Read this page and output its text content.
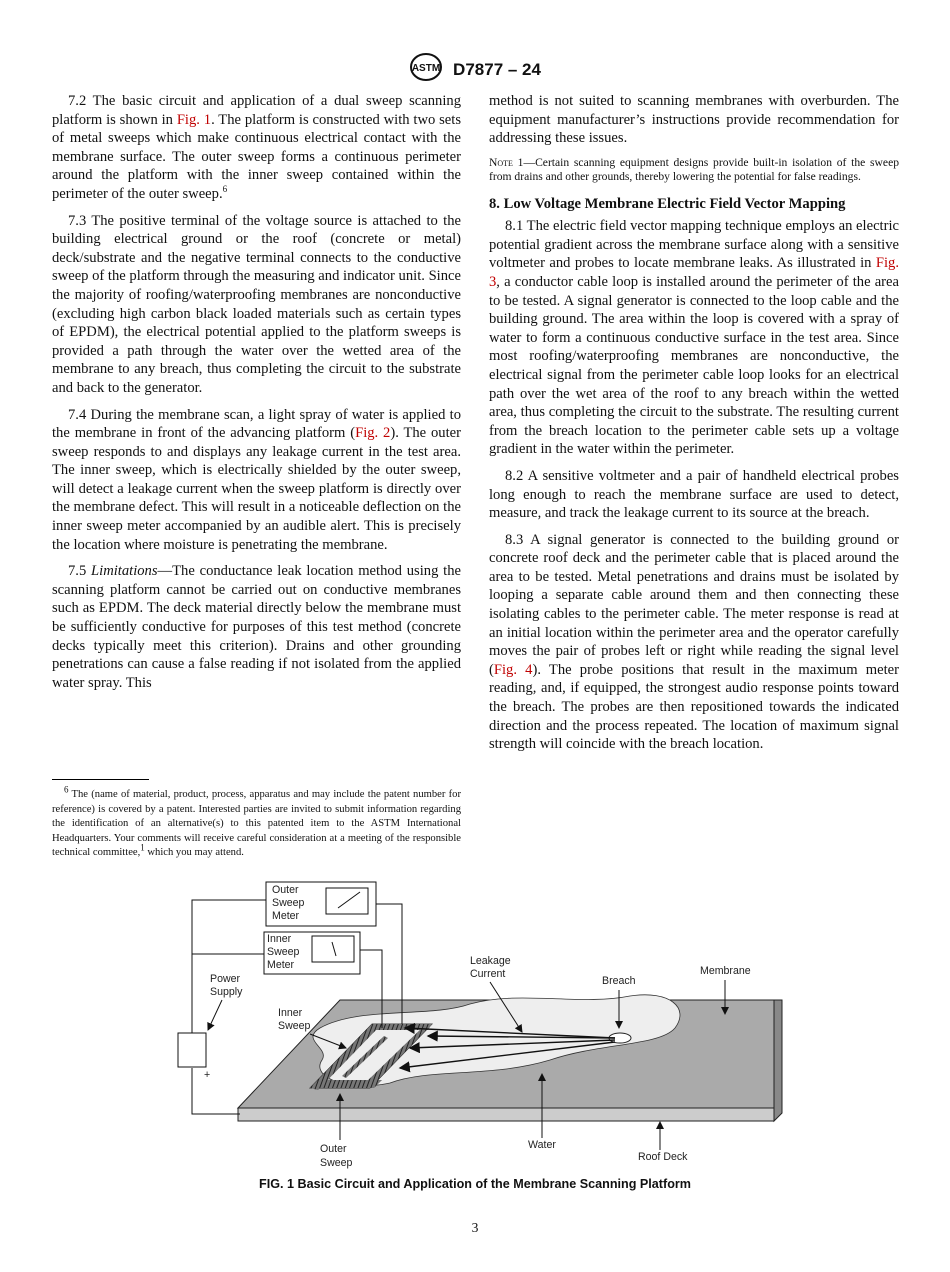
ASTM D7877 – 24

7.2 The basic circuit and application of a dual sweep scanning platform is shown in Fig. 1. The platform is constructed with two sets of metal sweeps which make continuous electrical contact with the membrane surface. The outer sweep forms a continuous perimeter around the platform with the inner sweep contained within the perimeter of the outer sweep.$^6$

7.3 The positive terminal of the voltage source is attached to the building electrical ground or the roof (concrete or metal) deck/substrate and the negative terminal connects to the conductive sweep of the platform through the measuring and indicator unit. Since the majority of roofing/waterproofing membranes are nonconductive (excluding high carbon black loaded materials such as certain types of EPDM), the electrical potential applied to the platform sweeps is provided a path through the water over the wetted area of the membrane to any breach, thus completing the circuit to the substrate and back to the generator.

7.4 During the membrane scan, a light spray of water is applied to the membrane in front of the advancing platform (Fig. 2). The outer sweep responds to and displays any leakage current in the test area. The inner sweep, which is electrically shielded by the outer sweep, will detect a leakage current when the sweep platform is directly over the membrane defect. This will result in a noticeable deflection on the inner sweep meter accompanied by an audible alert. This is precisely the location where moisture is penetrating the membrane.

7.5 Limitations—The conductance leak location method using the scanning platform cannot be carried out on conductive membranes such as EPDM. The deck material directly below the membrane must be sufficiently conductive for purposes of this test method (concrete decks typically meet this criterion). Drains and other grounding penetrations can cause a false reading if not isolated from the applied water spray. This

method is not suited to scanning membranes with overburden. The equipment manufacturer’s instructions provide recommendation for addressing these issues.

Note 1—Certain scanning equipment designs provide built-in isolation of the sweep from drains and other grounds, thereby lowering the potential for false readings.

8. Low Voltage Membrane Electric Field Vector Mapping

8.1 The electric field vector mapping technique employs an electric potential gradient across the membrane surface along with a sensitive voltmeter and probes to locate membrane leaks. As illustrated in Fig. 3, a conductor cable loop is installed around the perimeter of the area to be tested. A signal generator is connected to the loop cable and the building ground. The area within the loop is covered with a spray of water to form a continuous conductive surface in the test area. Since most roofing/waterproofing membranes are nonconductive, the electrical signal from the perimeter cable loop looks for an electrical path over the wet area of the roof to any breach within the wetted area, thus completing the circuit to the substrate. The resulting current from the breach location to the perimeter cable sets up a voltage gradient in the water within the perimeter.

8.2 A sensitive voltmeter and a pair of handheld electrical probes long enough to reach the membrane surface are used to detect, measure, and track the leakage current to its source at the breach.

8.3 A signal generator is connected to the building ground or concrete roof deck and the perimeter cable that is placed around the area to be tested. Metal penetrations and drains must be isolated by looping a separate cable around them and then connecting these isolating cables to the perimeter cable. The meter response is read at an initial location within the perimeter area and the operator carefully moves the pair of probes left or right while reading the signal level (Fig. 4). The probe positions that result in the maximum meter reading, and, if equipped, the strongest audio response points toward the breach. The probes are then repositioned towards the indicated direction and the process repeated. The location of maximum signal strength will coincide with the breach location.

$^6$ The (name of material, product, process, apparatus and may include the patent number for reference) is covered by a patent. Interested parties are invited to submit information regarding the identification of an alternative(s) to this patented item to the ASTM International Headquarters. Your comments will receive careful consideration at a meeting of the responsible technical committee,$^1$ which you may attend.
Outer
Sweep
Meter
Inner
Sweep
Meter
+
Power
Supply
Inner
Sweep
Leakage
Current
Breach
Membrane
Outer
Sweep
Water
Roof Deck
FIG. 1 Basic Circuit and Application of the Membrane Scanning Platform
3
